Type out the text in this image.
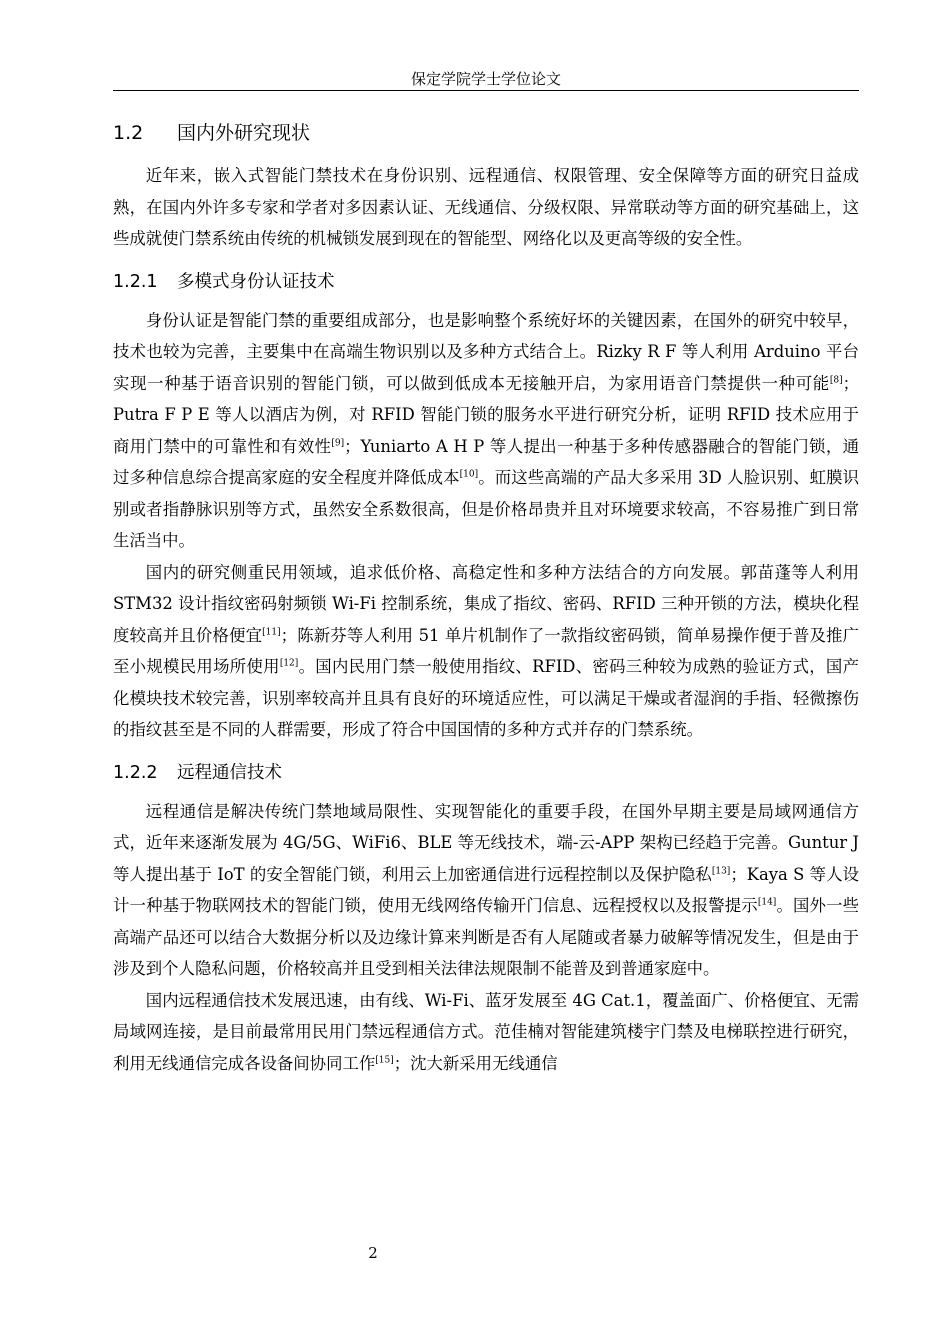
保定学院学士学位论文
1.2 国内外研究现状

近年来，嵌入式智能门禁技术在身份识别、远程通信、权限管理、安全保障等方面的研究日益成熟，在国内外许多专家和学者对多因素认证、无线通信、分级权限、异常联动等方面的研究基础上，这些成就使门禁系统由传统的机械锁发展到现在的智能型、网络化以及更高等级的安全性。

1.2.1 多模式身份认证技术

身份认证是智能门禁的重要组成部分，也是影响整个系统好坏的关键因素，在国外的研究中较早，技术也较为完善，主要集中在高端生物识别以及多种方式结合上。Rizky R F 等人利用 Arduino 平台实现一种基于语音识别的智能门锁，可以做到低成本无接触开启，为家用语音门禁提供一种可能[8]；Putra F P E 等人以酒店为例，对 RFID 智能门锁的服务水平进行研究分析，证明 RFID 技术应用于商用门禁中的可靠性和有效性[9]；Yuniarto A H P 等人提出一种基于多种传感器融合的智能门锁，通过多种信息综合提高家庭的安全程度并降低成本[10]。而这些高端的产品大多采用 3D 人脸识别、虹膜识别或者指静脉识别等方式，虽然安全系数很高，但是价格昂贵并且对环境要求较高，不容易推广到日常生活当中。

国内的研究侧重民用领域，追求低价格、高稳定性和多种方法结合的方向发展。郭苗蓬等人利用 STM32 设计指纹密码射频锁 Wi-Fi 控制系统，集成了指纹、密码、RFID 三种开锁的方法，模块化程度较高并且价格便宜[11]；陈新芬等人利用 51 单片机制作了一款指纹密码锁，简单易操作便于普及推广至小规模民用场所使用[12]。国内民用门禁一般使用指纹、RFID、密码三种较为成熟的验证方式，国产化模块技术较完善，识别率较高并且具有良好的环境适应性，可以满足干燥或者湿润的手指、轻微擦伤的指纹甚至是不同的人群需要，形成了符合中国国情的多种方式并存的门禁系统。

1.2.2 远程通信技术

远程通信是解决传统门禁地域局限性、实现智能化的重要手段，在国外早期主要是局域网通信方式，近年来逐渐发展为 4G/5G、WiFi6、BLE 等无线技术，端-云-APP 架构已经趋于完善。Guntur J 等人提出基于 IoT 的安全智能门锁，利用云上加密通信进行远程控制以及保护隐私[13]；Kaya S 等人设计一种基于物联网技术的智能门锁，使用无线网络传输开门信息、远程授权以及报警提示[14]。国外一些高端产品还可以结合大数据分析以及边缘计算来判断是否有人尾随或者暴力破解等情况发生，但是由于涉及到个人隐私问题，价格较高并且受到相关法律法规限制不能普及到普通家庭中。

国内远程通信技术发展迅速，由有线、Wi-Fi、蓝牙发展至 4G Cat.1，覆盖面广、价格便宜、无需局域网连接，是目前最常用民用门禁远程通信方式。范佳楠对智能建筑楼宇门禁及电梯联控进行研究，利用无线通信完成各设备间协同工作[15]；沈大新采用无线通信

2
